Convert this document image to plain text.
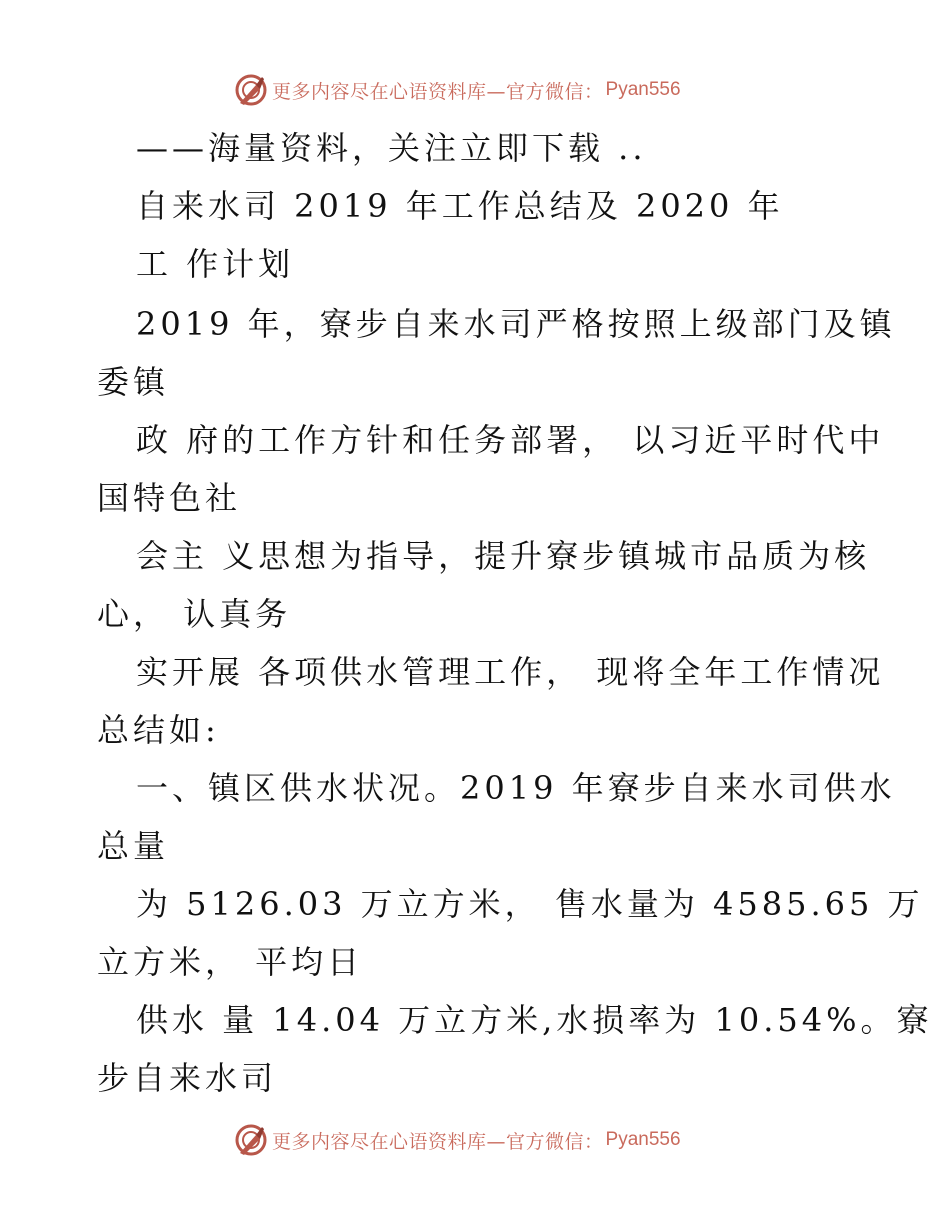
更多内容尽在心语资料库—官方微信： Pyan556
——海量资料，关注立即下载 ..
自来水司 2019 年工作总结及 2020 年
工 作计划
2019 年，寮步自来水司严格按照上级部门及镇
委镇
政 府的工作方针和任务部署， 以习近平时代中
国特色社
会主 义思想为指导，提升寮步镇城市品质为核
心， 认真务
实开展 各项供水管理工作， 现将全年工作情况
总结如:
一、镇区供水状况。2019 年寮步自来水司供水
总量
为 5126.03 万立方米， 售水量为 4585.65 万
立方米， 平均日
供水 量 14.04 万立方米,水损率为 10.54%。寮
步自来水司
更多内容尽在心语资料库—官方微信： Pyan556
